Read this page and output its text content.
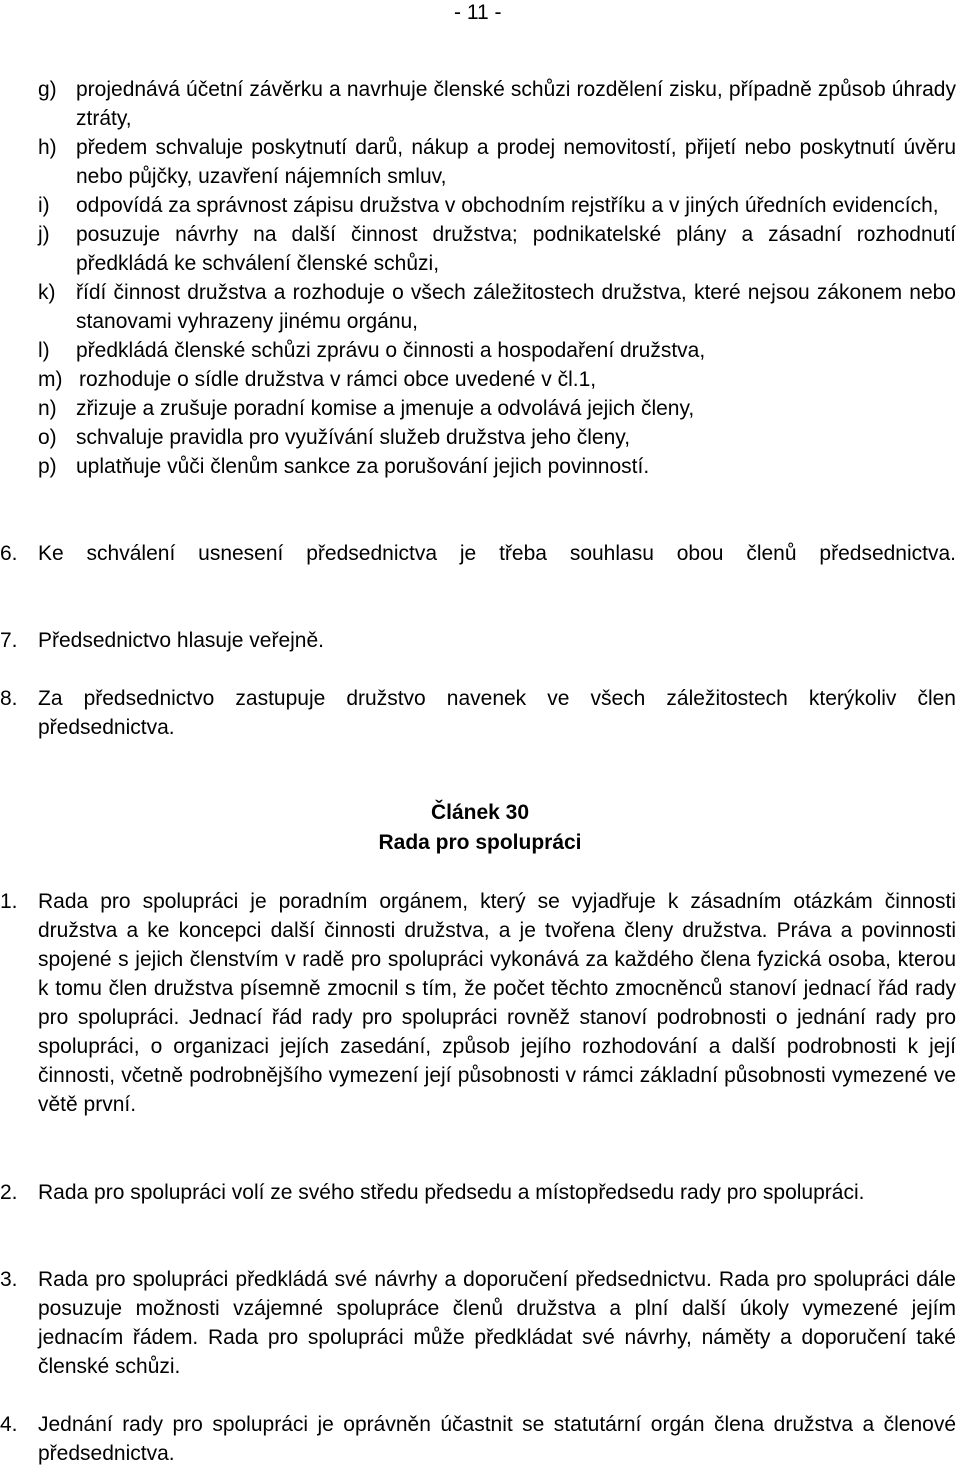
- 11 -
g) projednává účetní závěrku a navrhuje členské schůzi rozdělení zisku, případně způsob úhrady ztráty,
h) předem schvaluje poskytnutí darů, nákup a prodej nemovitostí, přijetí nebo poskytnutí úvěru nebo půjčky, uzavření nájemních smluv,
i)	odpovídá za správnost zápisu družstva v obchodním rejstříku a v jiných úředních evidencích,
j)	posuzuje návrhy na další činnost družstva; podnikatelské plány a zásadní rozhodnutí předkládá ke schválení členské schůzi,
k) řídí činnost družstva a rozhoduje o všech záležitostech družstva, které nejsou zákonem nebo stanovami vyhrazeny jinému orgánu,
l)	předkládá členské schůzi zprávu o činnosti a hospodaření družstva,
m) rozhoduje o sídle družstva v rámci obce uvedené v čl.1,
n) zřizuje a zrušuje poradní komise a jmenuje a odvolává jejich členy,
o) schvaluje pravidla pro využívání služeb družstva jeho členy,
p) uplatňuje vůči členům sankce za porušování jejich povinností.
6. Ke schválení usnesení předsednictva je třeba souhlasu obou členů předsednictva.
7. Předsednictvo hlasuje veřejně.
8. Za předsednictvo zastupuje družstvo navenek ve všech záležitostech kterýkoliv člen předsednictva.
Článek 30
Rada pro spolupráci
1. Rada pro spolupráci je poradním orgánem, který se vyjadřuje k zásadním otázkám činnosti družstva a ke koncepci další činnosti družstva, a je tvořena členy družstva. Práva a povinnosti spojené s jejich členstvím v radě pro spolupráci vykonává za každého člena fyzická osoba, kterou k tomu člen družstva písemně zmocnil s tím, že počet těchto zmocněnců stanoví jednací řád rady pro spolupráci. Jednací řád rady pro spolupráci rovněž stanoví podrobnosti o jednání rady pro spolupráci, o organizaci jejích zasedání, způsob jejího rozhodování a další podrobnosti k její činnosti, včetně podrobnějšího vymezení její působnosti v rámci základní působnosti vymezené ve větě první.
2. Rada pro spolupráci volí ze svého středu předsedu a místopředsedu rady pro spolupráci.
3. Rada pro spolupráci předkládá své návrhy a doporučení předsednictvu. Rada pro spolupráci dále posuzuje možnosti vzájemné spolupráce členů družstva a plní další úkoly vymezené jejím jednacím řádem. Rada pro spolupráci může předkládat své návrhy, náměty a doporučení také členské schůzi.
4. Jednání rady pro spolupráci je oprávněn účastnit se statutární orgán člena družstva a členové předsednictva.
